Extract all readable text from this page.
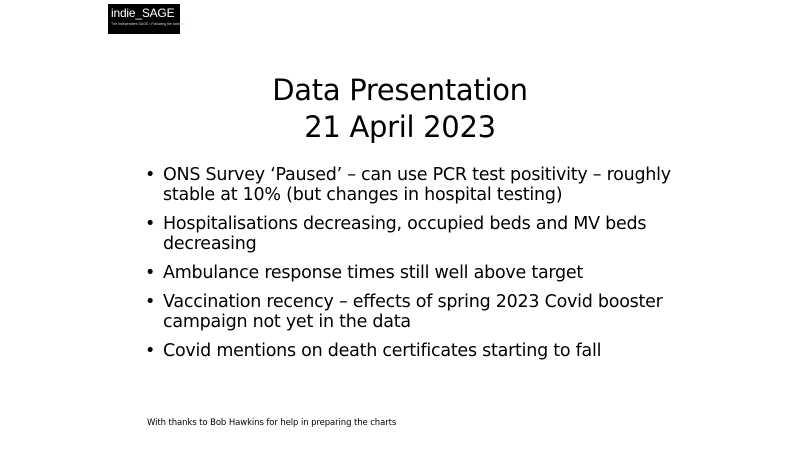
indie_SAGE
The Independent SAGE • Following the science
Data Presentation
21 April 2023
• ONS Survey ‘Paused’ – can use PCR test positivity – roughly stable at 10% (but changes in hospital testing)
• Hospitalisations decreasing, occupied beds and MV beds decreasing
• Ambulance response times still well above target
• Vaccination recency – effects of spring 2023 Covid booster campaign not yet in the data
• Covid mentions on death certificates starting to fall
With thanks to Bob Hawkins for help in preparing the charts
